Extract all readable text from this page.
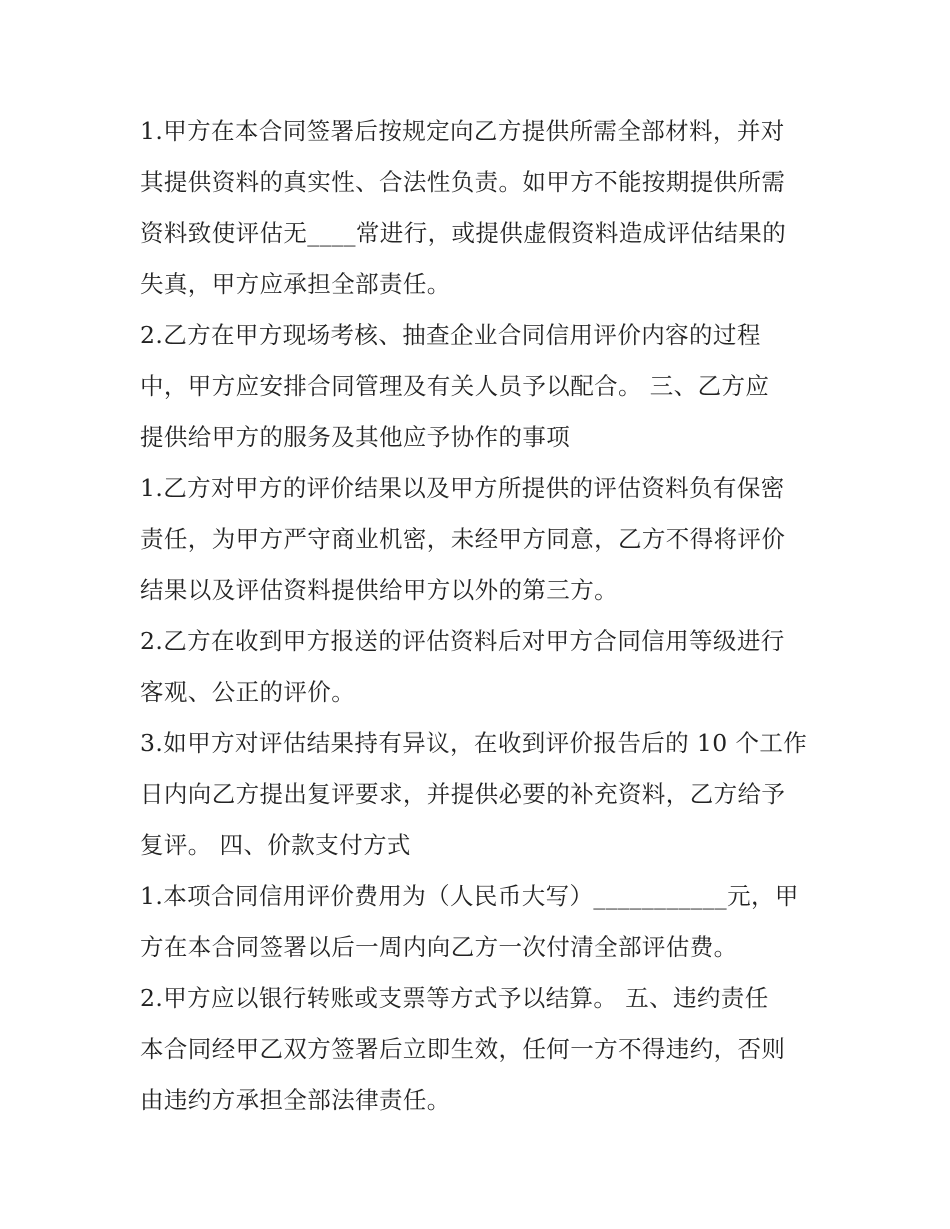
1.甲方在本合同签署后按规定向乙方提供所需全部材料，并对
其提供资料的真实性、合法性负责。如甲方不能按期提供所需
资料致使评估无____常进行，或提供虚假资料造成评估结果的
失真，甲方应承担全部责任。
2.乙方在甲方现场考核、抽查企业合同信用评价内容的过程
中，甲方应安排合同管理及有关人员予以配合。 三、乙方应
提供给甲方的服务及其他应予协作的事项
1.乙方对甲方的评价结果以及甲方所提供的评估资料负有保密
责任，为甲方严守商业机密，未经甲方同意，乙方不得将评价
结果以及评估资料提供给甲方以外的第三方。
2.乙方在收到甲方报送的评估资料后对甲方合同信用等级进行
客观、公正的评价。
3.如甲方对评估结果持有异议，在收到评价报告后的 10 个工作
日内向乙方提出复评要求，并提供必要的补充资料，乙方给予
复评。 四、价款支付方式
1.本项合同信用评价费用为（人民币大写）___________元，甲
方在本合同签署以后一周内向乙方一次付清全部评估费。
2.甲方应以银行转账或支票等方式予以结算。 五、违约责任
本合同经甲乙双方签署后立即生效，任何一方不得违约，否则
由违约方承担全部法律责任。
